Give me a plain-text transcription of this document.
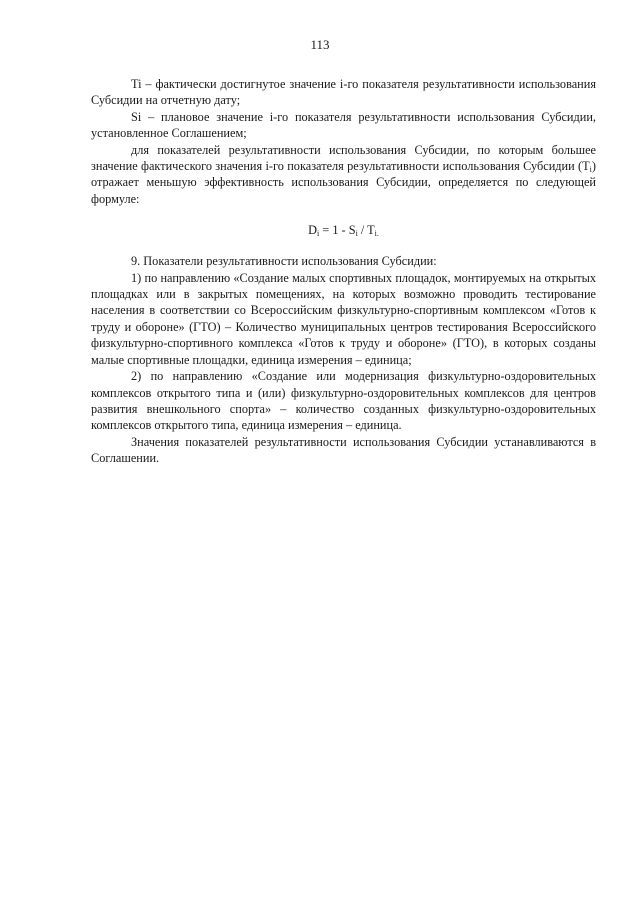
113

Ti – фактически достигнутое значение i-го показателя результативности использования Субсидии на отчетную дату;

Si – плановое значение i-го показателя результативности использования Субсидии, установленное Соглашением;

для показателей результативности использования Субсидии, по которым большее значение фактического значения i-го показателя результативности использования Субсидии $(T_i)$ отражает меньшую эффективность использования Субсидии, определяется по следующей формуле:

$D_i = 1 - S_i / T_{i.}$

9. Показатели результативности использования Субсидии:

1) по направлению «Создание малых спортивных площадок, монтируемых на открытых площадках или в закрытых помещениях, на которых возможно проводить тестирование населения в соответствии со Всероссийским физкультурно-спортивным комплексом «Готов к труду и обороне» (ГТО) – Количество муниципальных центров тестирования Всероссийского физкультурно-спортивного комплекса «Готов к труду и обороне» (ГТО), в которых созданы малые спортивные площадки, единица измерения – единица;

2) по направлению «Создание или модернизация физкультурно-оздоровительных комплексов открытого типа и (или) физкультурно-оздоровительных комплексов для центров развития внешкольного спорта» – количество созданных физкультурно-оздоровительных комплексов открытого типа, единица измерения – единица.

Значения показателей результативности использования Субсидии устанавливаются в Соглашении.
